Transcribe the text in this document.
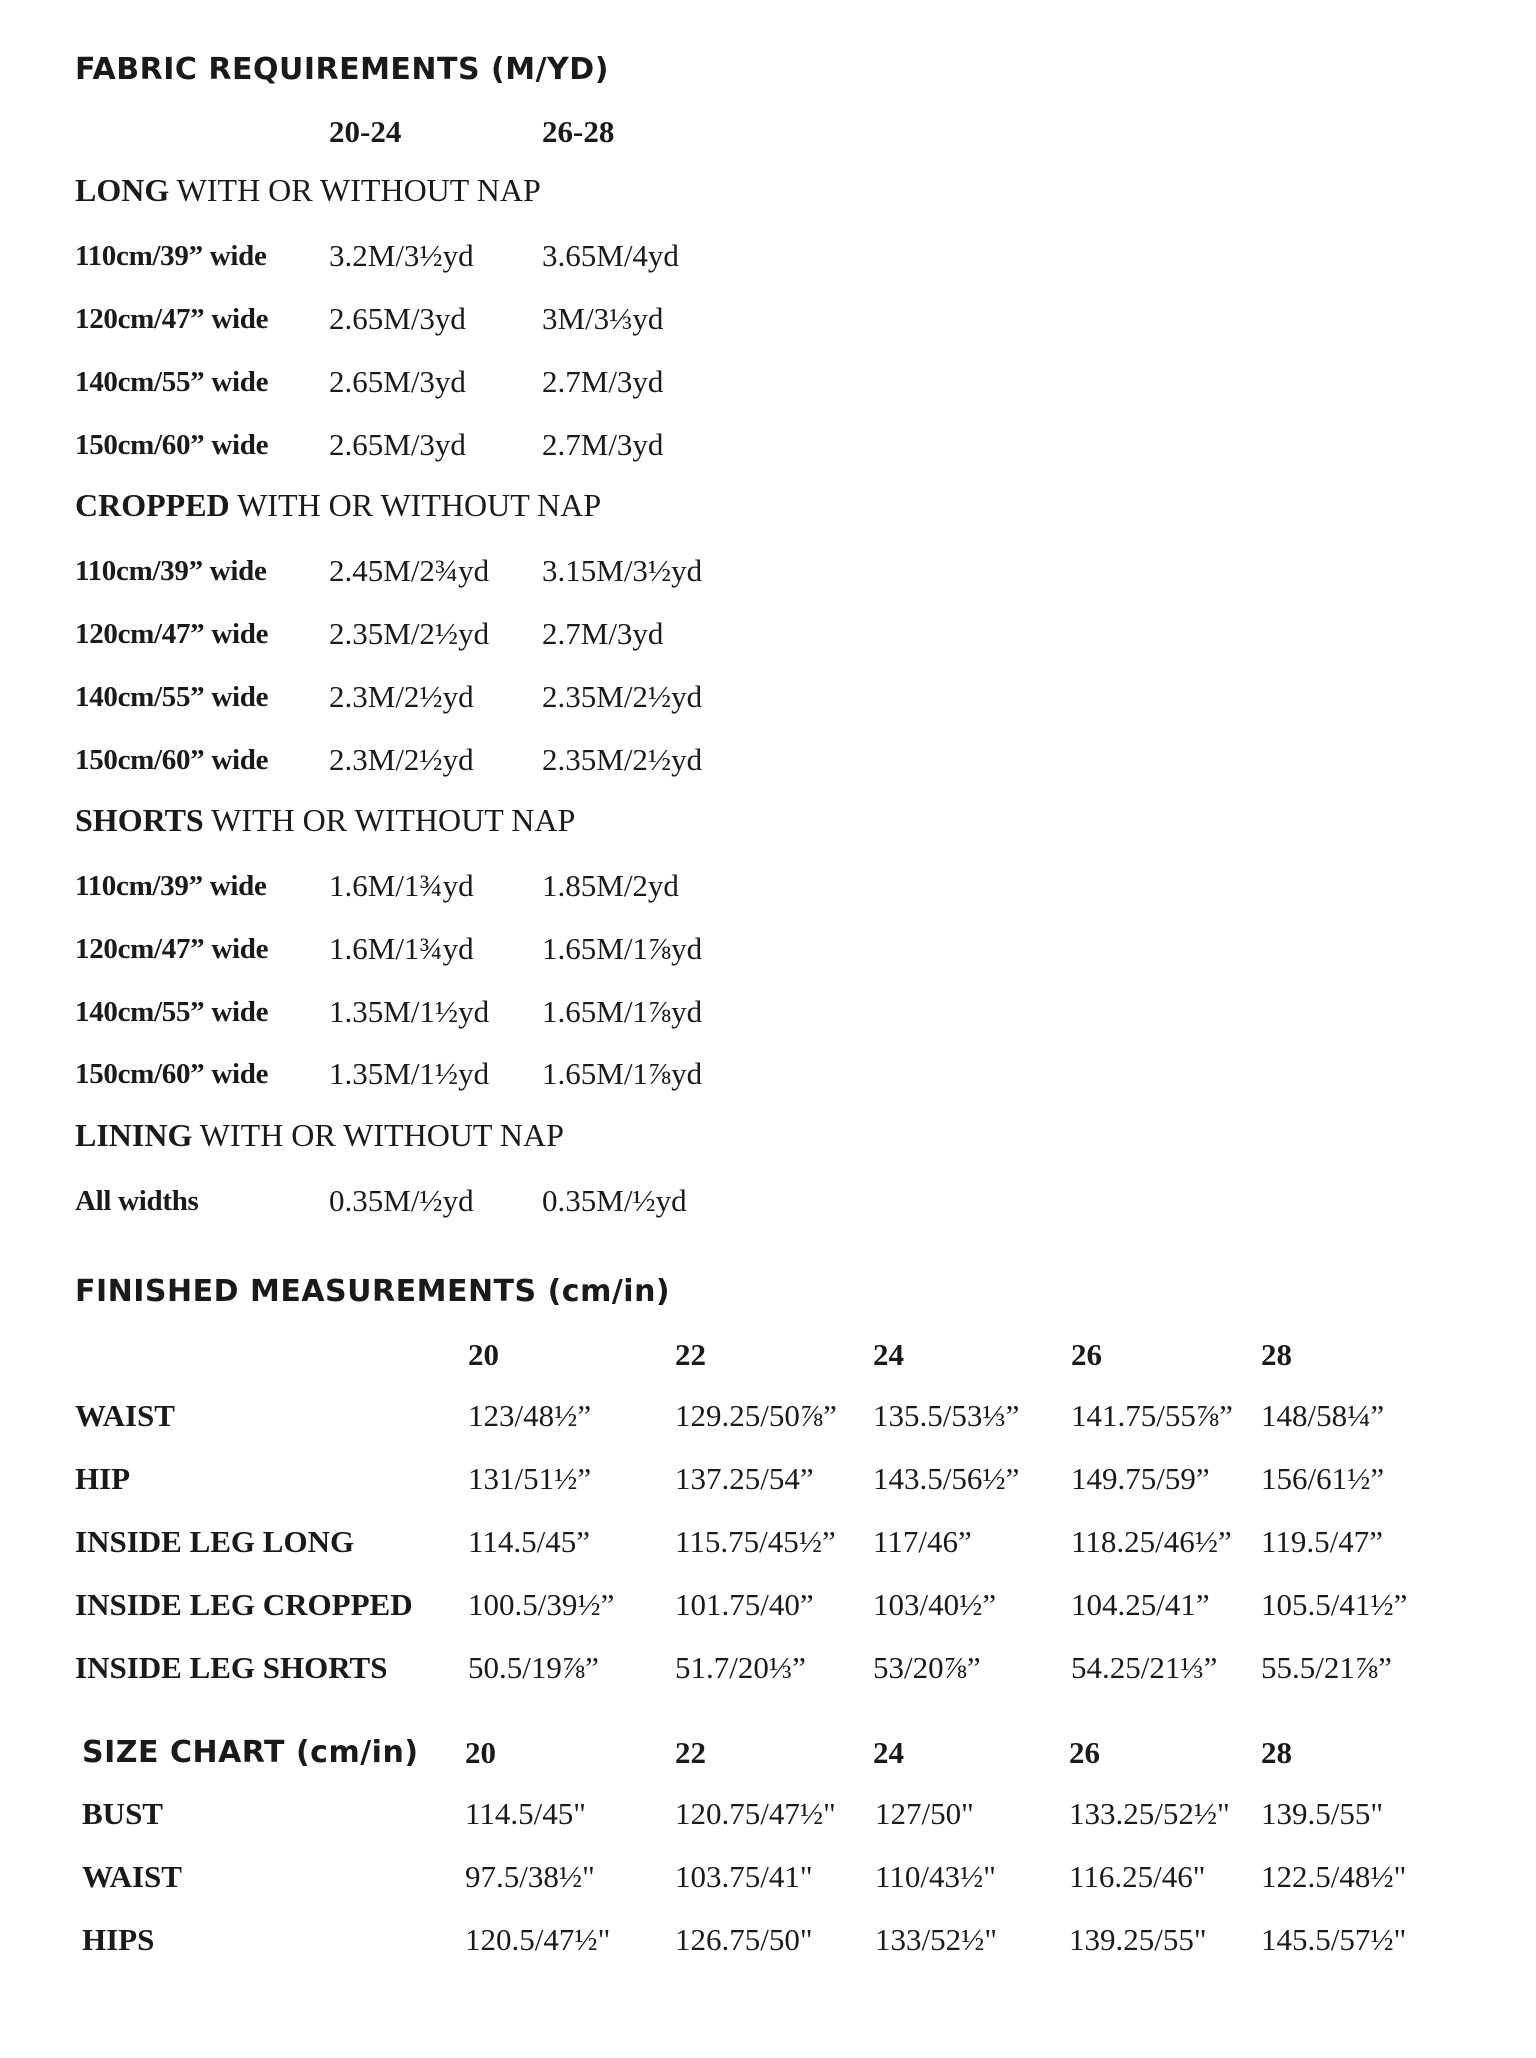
FABRIC REQUIREMENTS (M/YD)
20-24	26-28
LONG WITH OR WITHOUT NAP
110cm/39” wide 3.2M/3½yd 3.65M/4yd
120cm/47” wide 2.65M/3yd 3M/3⅓yd
140cm/55” wide 2.65M/3yd 2.7M/3yd
150cm/60” wide 2.65M/3yd 2.7M/3yd
CROPPED WITH OR WITHOUT NAP
110cm/39” wide 2.45M/2¾yd 3.15M/3½yd
120cm/47” wide 2.35M/2½yd 2.7M/3yd
140cm/55” wide 2.3M/2½yd 2.35M/2½yd
150cm/60” wide 2.3M/2½yd 2.35M/2½yd
SHORTS WITH OR WITHOUT NAP
110cm/39” wide 1.6M/1¾yd 1.85M/2yd
120cm/47” wide 1.6M/1¾yd 1.65M/1⅞yd
140cm/55” wide 1.35M/1½yd 1.65M/1⅞yd
150cm/60” wide 1.35M/1½yd 1.65M/1⅞yd
LINING WITH OR WITHOUT NAP
All widths	0.35M/½yd 0.35M/½yd
FINISHED MEASUREMENTS (cm/in)
20	22	24	26	28
WAIST	123/48½”	129.25/50⅞” 135.5/53⅓” 141.75/55⅞” 148/58¼”
HIP	131/51½”	137.25/54” 143.5/56½” 149.75/59” 156/61½”
INSIDE LEG LONG	114.5/45”	115.75/45½” 117/46”	118.25/46½” 119.5/47”
INSIDE LEG CROPPED 100.5/39½” 101.75/40” 103/40½” 104.25/41” 105.5/41½”
INSIDE LEG SHORTS	50.5/19⅞” 51.7/20⅓” 53/20⅞”	54.25/21⅓” 55.5/21⅞”
SIZE CHART (cm/in) 20	22	24	26	28
BUST	114.5/45"	120.75/47½" 127/50"	133.25/52½" 139.5/55"
WAIST	97.5/38½"	103.75/41" 110/43½" 116.25/46" 122.5/48½"
HIPS	120.5/47½" 126.75/50" 133/52½" 139.25/55" 145.5/57½"
